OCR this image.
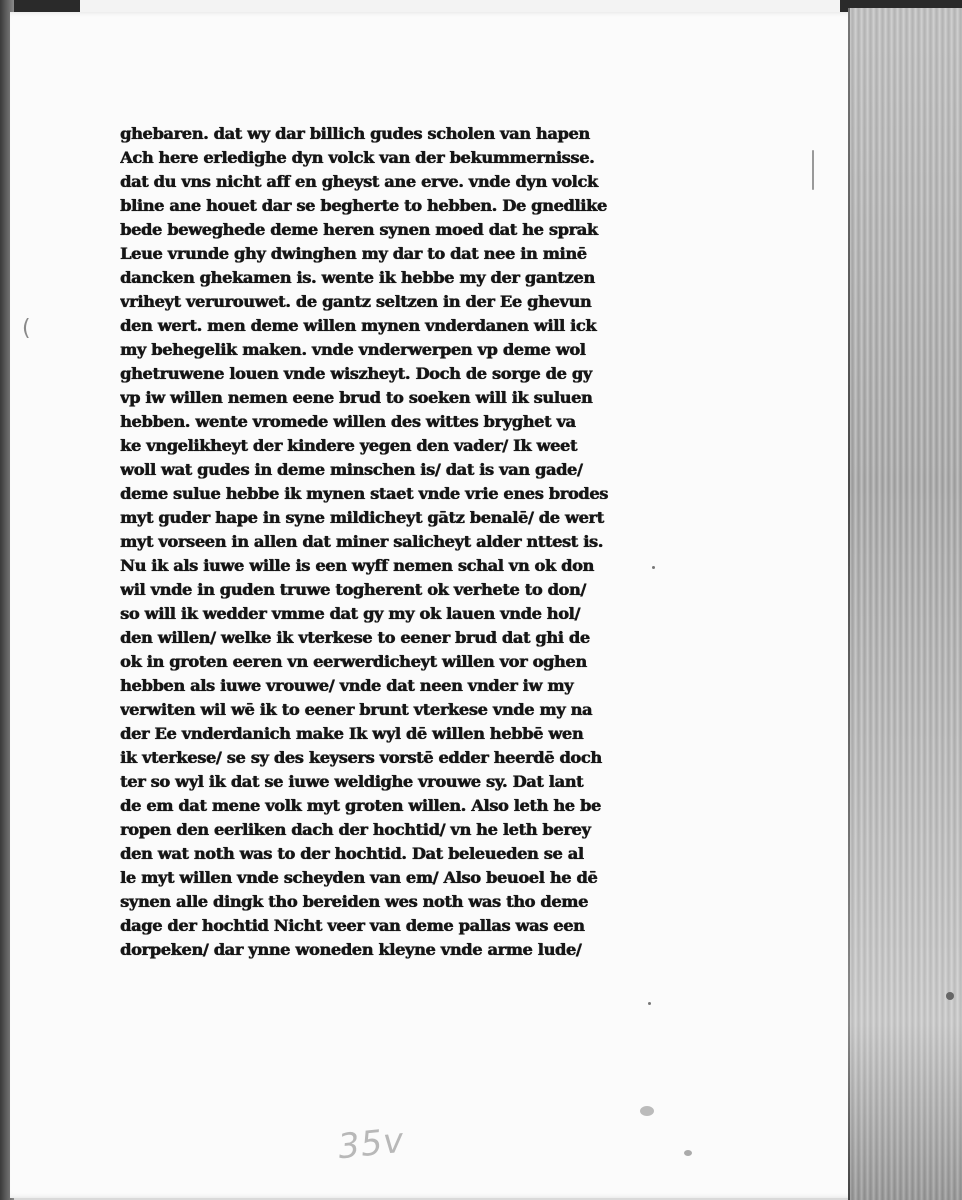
(
ghebaren. dat wy dar billich gudes scholen van hapen
Ach here erledighe dyn volck van der bekummernisse.
dat du vns nicht aff en gheyst ane erve. vnde dyn volck
bline ane houet dar se begherte to hebben. De gnedlike
bede beweghede deme heren synen moed dat he sprak
Leue vrunde ghy dwinghen my dar to dat nee in minē
dancken ghekamen is. wente ik hebbe my der gantzen
vriheyt verurouwet. de gantz seltzen in der Ee ghevun
den wert. men deme willen mynen vnderdanen will ick
my behegelik maken. vnde vnderwerpen vp deme wol
ghetruwene louen vnde wiszheyt. Doch de sorge de gy
vp iw willen nemen eene brud to soeken will ik suluen
hebben. wente vromede willen des wittes bryghet va
ke vngelikheyt der kindere yegen den vader/ Ik weet
woll wat gudes in deme minschen is/ dat is van gade/
deme sulue hebbe ik mynen staet vnde vrie enes brodes
myt guder hape in syne mildicheyt gātz benalē/ de wert
myt vorseen in allen dat miner salicheyt alder nttest is.
Nu ik als iuwe wille is een wyff nemen schal vn ok don
wil vnde in guden truwe togherent ok verhete to don/
so will ik wedder vmme dat gy my ok lauen vnde hol/
den willen/ welke ik vterkese to eener brud dat ghi de
ok in groten eeren vn eerwerdicheyt willen vor oghen
hebben als iuwe vrouwe/ vnde dat neen vnder iw my
verwiten wil wē ik to eener brunt vterkese vnde my na
der Ee vnderdanich make Ik wyl dē willen hebbē wen
ik vterkese/ se sy des keysers vorstē edder heerdē doch
ter so wyl ik dat se iuwe weldighe vrouwe sy. Dat lant
de em dat mene volk myt groten willen. Also leth he be
ropen den eerliken dach der hochtid/ vn he leth berey
den wat noth was to der hochtid. Dat beleueden se al
le myt willen vnde scheyden van em/ Also beuoel he dē
synen alle dingk tho bereiden wes noth was tho deme
dage der hochtid Nicht veer van deme pallas was een
dorpeken/ dar ynne woneden kleyne vnde arme lude/
35v
